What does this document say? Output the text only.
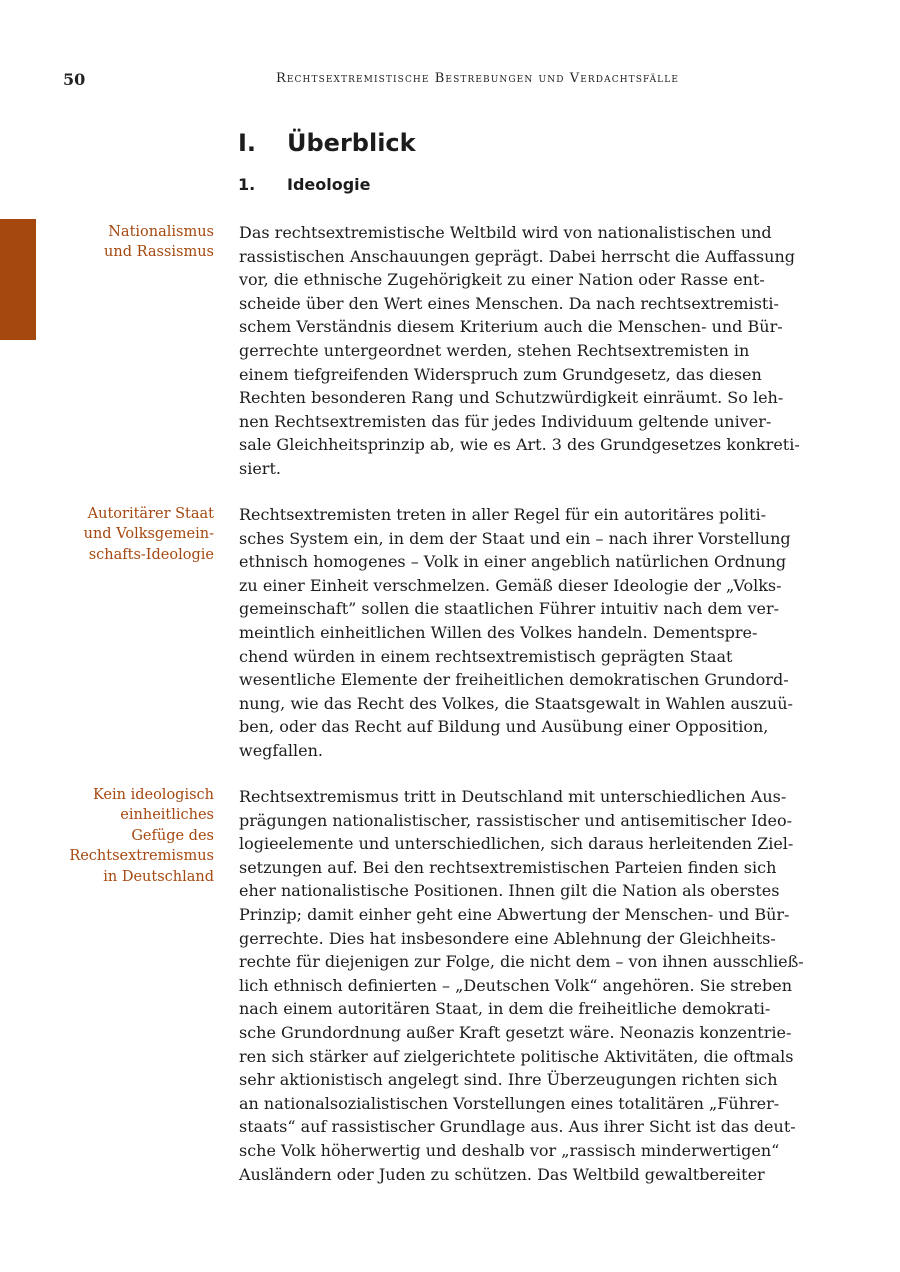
50	Rechtsextremistische Bestrebungen und Verdachtsfälle
I. Überblick
1. Ideologie
Nationalismus
und Rassismus
Das rechtsextremistische Weltbild wird von nationalistischen und
rassistischen Anschauungen geprägt. Dabei herrscht die Auffassung
vor, die ethnische Zugehörigkeit zu einer Nation oder Rasse ent-
scheide über den Wert eines Menschen. Da nach rechtsextremisti-
schem Verständnis diesem Kriterium auch die Menschen- und Bür-
gerrechte untergeordnet werden, stehen Rechtsextremisten in
einem tiefgreifenden Widerspruch zum Grundgesetz, das diesen
Rechten besonderen Rang und Schutzwürdigkeit einräumt. So leh-
nen Rechtsextremisten das für jedes Individuum geltende univer-
sale Gleichheitsprinzip ab, wie es Art. 3 des Grundgesetzes konkreti-
siert.
Autoritärer Staat
und Volksgemein-
schafts-Ideologie
Rechtsextremisten treten in aller Regel für ein autoritäres politi-
sches System ein, in dem der Staat und ein – nach ihrer Vorstellung
ethnisch homogenes – Volk in einer angeblich natürlichen Ordnung
zu einer Einheit verschmelzen. Gemäß dieser Ideologie der „Volks-
gemeinschaft” sollen die staatlichen Führer intuitiv nach dem ver-
meintlich einheitlichen Willen des Volkes handeln. Dementspre-
chend würden in einem rechtsextremistisch geprägten Staat
wesentliche Elemente der freiheitlichen demokratischen Grundord-
nung, wie das Recht des Volkes, die Staatsgewalt in Wahlen auszuü-
ben, oder das Recht auf Bildung und Ausübung einer Opposition,
wegfallen.
Kein ideologisch
einheitliches
Gefüge des
Rechtsextremismus
in Deutschland
Rechtsextremismus tritt in Deutschland mit unterschiedlichen Aus-
prägungen nationalistischer, rassistischer und antisemitischer Ideo-
logieelemente und unterschiedlichen, sich daraus herleitenden Ziel-
setzungen auf. Bei den rechtsextremistischen Parteien finden sich
eher nationalistische Positionen. Ihnen gilt die Nation als oberstes
Prinzip; damit einher geht eine Abwertung der Menschen- und Bür-
gerrechte. Dies hat insbesondere eine Ablehnung der Gleichheits-
rechte für diejenigen zur Folge, die nicht dem – von ihnen ausschließ-
lich ethnisch definierten – „Deutschen Volk“ angehören. Sie streben
nach einem autoritären Staat, in dem die freiheitliche demokrati-
sche Grundordnung außer Kraft gesetzt wäre. Neonazis konzentrie-
ren sich stärker auf zielgerichtete politische Aktivitäten, die oftmals
sehr aktionistisch angelegt sind. Ihre Überzeugungen richten sich
an nationalsozialistischen Vorstellungen eines totalitären „Führer-
staats“ auf rassistischer Grundlage aus. Aus ihrer Sicht ist das deut-
sche Volk höherwertig und deshalb vor „rassisch minderwertigen“
Ausländern oder Juden zu schützen. Das Weltbild gewaltbereiter
